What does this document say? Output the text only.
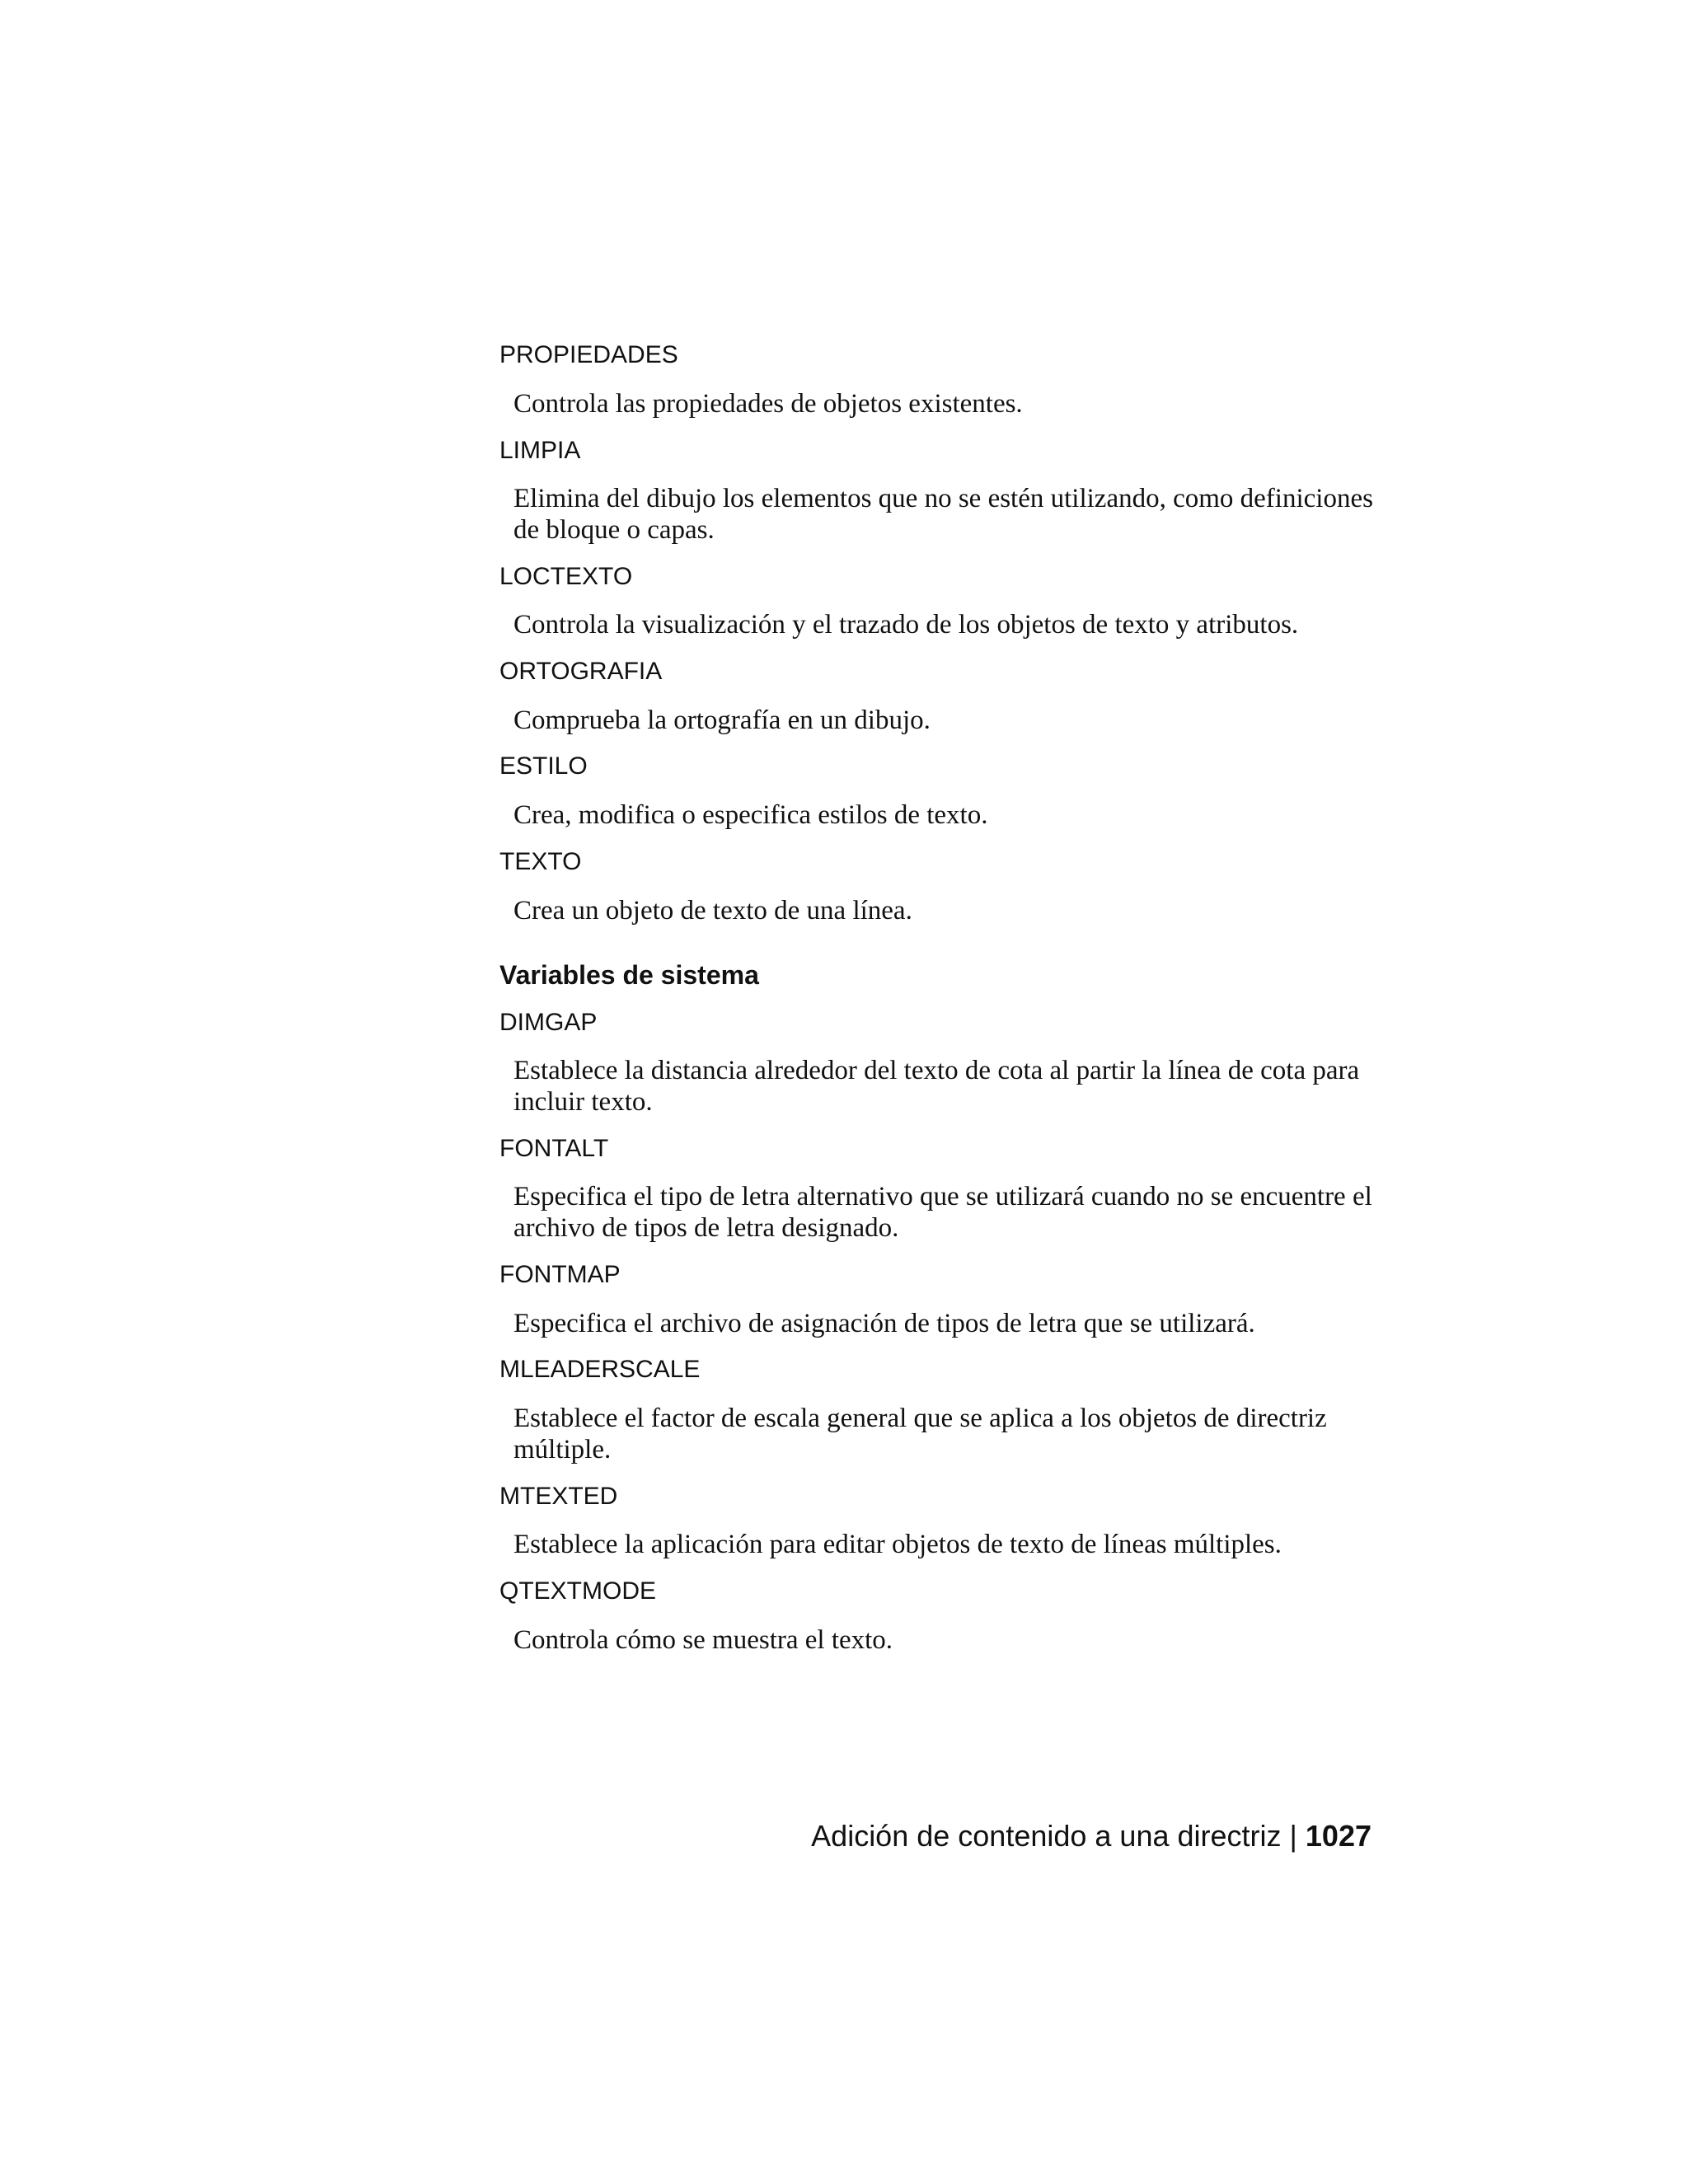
PROPIEDADES
Controla las propiedades de objetos existentes.
LIMPIA
Elimina del dibujo los elementos que no se estén utilizando, como definiciones de bloque o capas.
LOCTEXTO
Controla la visualización y el trazado de los objetos de texto y atributos.
ORTOGRAFIA
Comprueba la ortografía en un dibujo.
ESTILO
Crea, modifica o especifica estilos de texto.
TEXTO
Crea un objeto de texto de una línea.
Variables de sistema
DIMGAP
Establece la distancia alrededor del texto de cota al partir la línea de cota para incluir texto.
FONTALT
Especifica el tipo de letra alternativo que se utilizará cuando no se encuentre el archivo de tipos de letra designado.
FONTMAP
Especifica el archivo de asignación de tipos de letra que se utilizará.
MLEADERSCALE
Establece el factor de escala general que se aplica a los objetos de directriz múltiple.
MTEXTED
Establece la aplicación para editar objetos de texto de líneas múltiples.
QTEXTMODE
Controla cómo se muestra el texto.
Adición de contenido a una directriz | 1027
